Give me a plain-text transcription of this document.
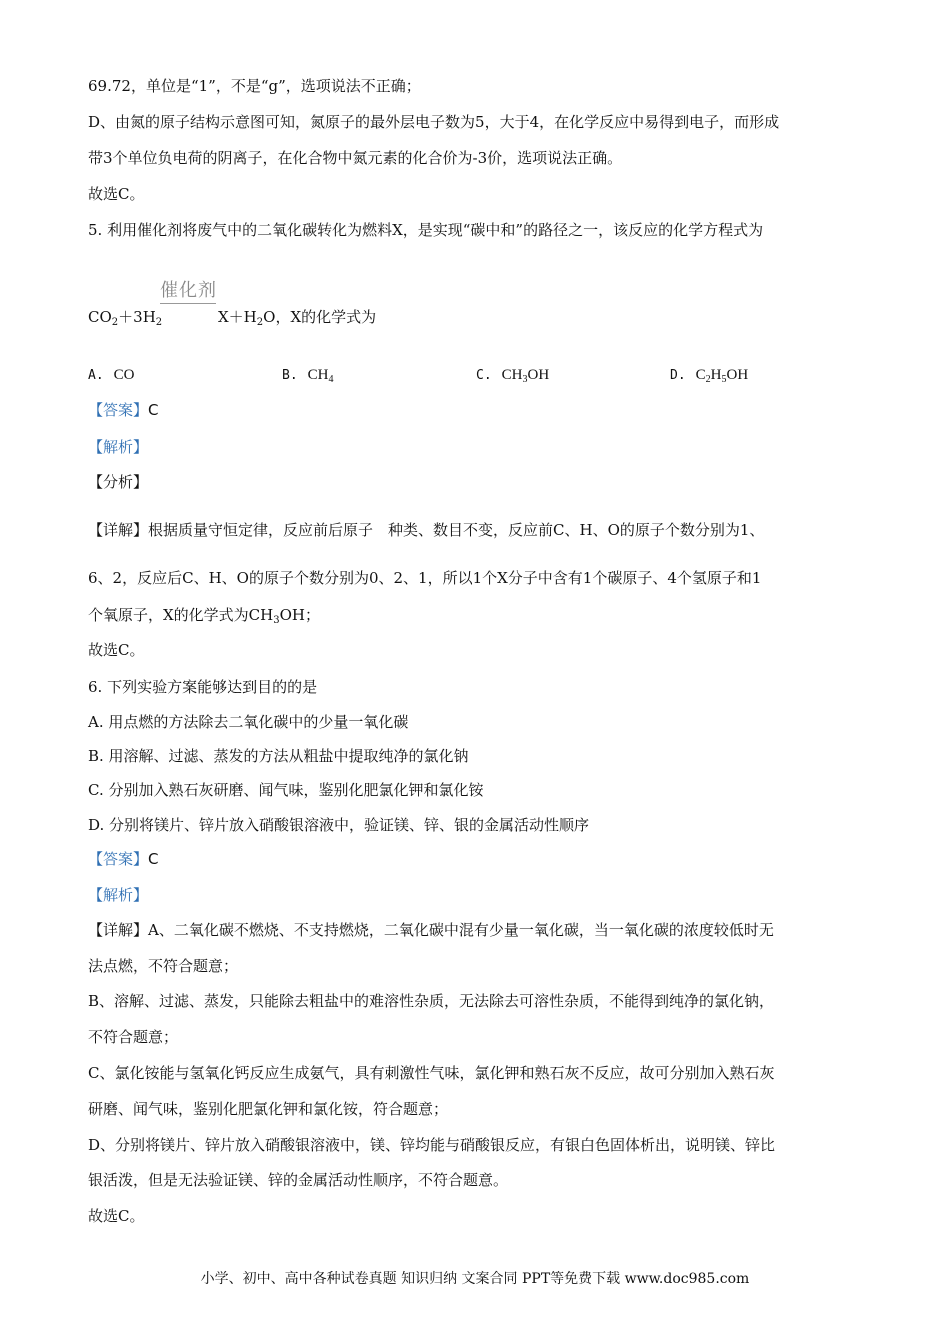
69.72，单位是“1”，不是“g”，选项说法不正确；
D、由氮的原子结构示意图可知，氮原子的最外层电子数为5，大于4，在化学反应中易得到电子，而形成
带3个单位负电荷的阴离子，在化合物中氮元素的化合价为-3价，选项说法正确。
故选C。
5. 利用催化剂将废气中的二氧化碳转化为燃料X，是实现“碳中和”的路径之一，该反应的化学方程式为
催化剂
$CO_2+3H_2$	$X+H_2O$，X的化学式为
A. CO	B. $CH_4$	C. $CH_3OH$	D. $C_2H_5OH$
【答案】C
【解析】
【分析】
【详解】根据质量守恒定律，反应前后原子　种类、数目不变，反应前C、H、O的原子个数分别为1、
6、2，反应后C、H、O的原子个数分别为0、2、1，所以1个X分子中含有1个碳原子、4个氢原子和1
个氧原子，X的化学式为$CH_3OH$；
故选C。
6. 下列实验方案能够达到目的的是
A. 用点燃的方法除去二氧化碳中的少量一氧化碳
B. 用溶解、过滤、蒸发的方法从粗盐中提取纯净的氯化钠
C. 分别加入熟石灰研磨、闻气味，鉴别化肥氯化钾和氯化铵
D. 分别将镁片、锌片放入硝酸银溶液中，验证镁、锌、银的金属活动性顺序
【答案】C
【解析】
【详解】A、二氧化碳不燃烧、不支持燃烧，二氧化碳中混有少量一氧化碳，当一氧化碳的浓度较低时无
法点燃，不符合题意；
B、溶解、过滤、蒸发，只能除去粗盐中的难溶性杂质，无法除去可溶性杂质，不能得到纯净的氯化钠，
不符合题意；
C、氯化铵能与氢氧化钙反应生成氨气，具有刺激性气味，氯化钾和熟石灰不反应，故可分别加入熟石灰
研磨、闻气味，鉴别化肥氯化钾和氯化铵，符合题意；
D、分别将镁片、锌片放入硝酸银溶液中，镁、锌均能与硝酸银反应，有银白色固体析出，说明镁、锌比
银活泼，但是无法验证镁、锌的金属活动性顺序，不符合题意。
故选C。
小学、初中、高中各种试卷真题 知识归纳 文案合同 PPT等免费下载 www.doc985.com
